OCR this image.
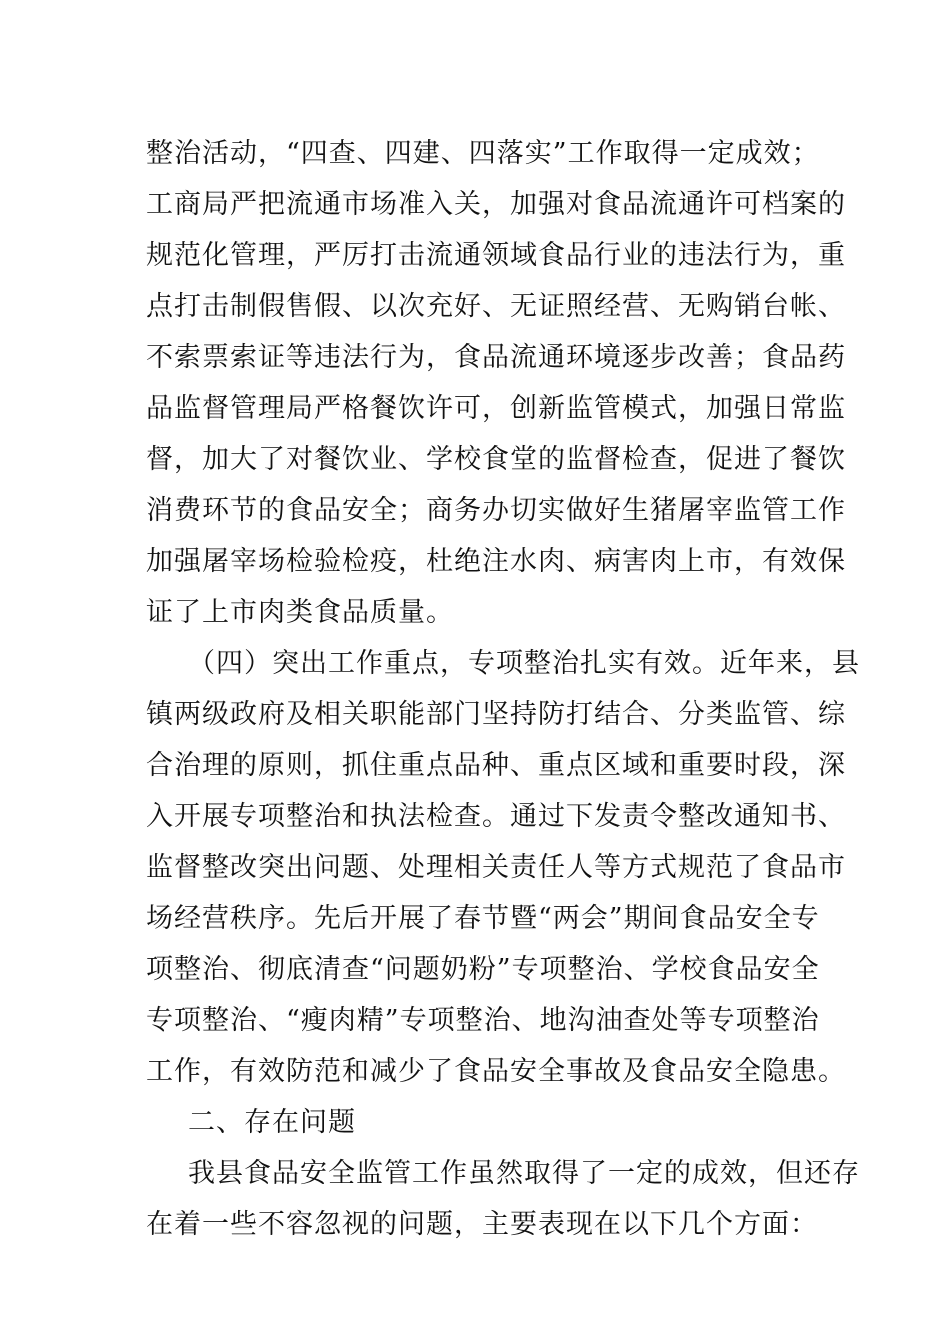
整治活动，“四查、四建、四落实”工作取得一定成效；
工商局严把流通市场准入关，加强对食品流通许可档案的
规范化管理，严厉打击流通领域食品行业的违法行为，重
点打击制假售假、以次充好、无证照经营、无购销台帐、
不索票索证等违法行为，食品流通环境逐步改善；食品药
品监督管理局严格餐饮许可，创新监管模式，加强日常监
督，加大了对餐饮业、学校食堂的监督检查，促进了餐饮
消费环节的食品安全；商务办切实做好生猪屠宰监管工作
加强屠宰场检验检疫，杜绝注水肉、病害肉上市，有效保
证了上市肉类食品质量。
（四）突出工作重点，专项整治扎实有效。近年来，县
镇两级政府及相关职能部门坚持防打结合、分类监管、综
合治理的原则，抓住重点品种、重点区域和重要时段，深
入开展专项整治和执法检查。通过下发责令整改通知书、
监督整改突出问题、处理相关责任人等方式规范了食品市
场经营秩序。先后开展了春节暨“两会”期间食品安全专
项整治、彻底清查“问题奶粉”专项整治、学校食品安全
专项整治、“瘦肉精”专项整治、地沟油查处等专项整治
工作，有效防范和减少了食品安全事故及食品安全隐患。
二、存在问题
我县食品安全监管工作虽然取得了一定的成效，但还存
在着一些不容忽视的问题，主要表现在以下几个方面：
